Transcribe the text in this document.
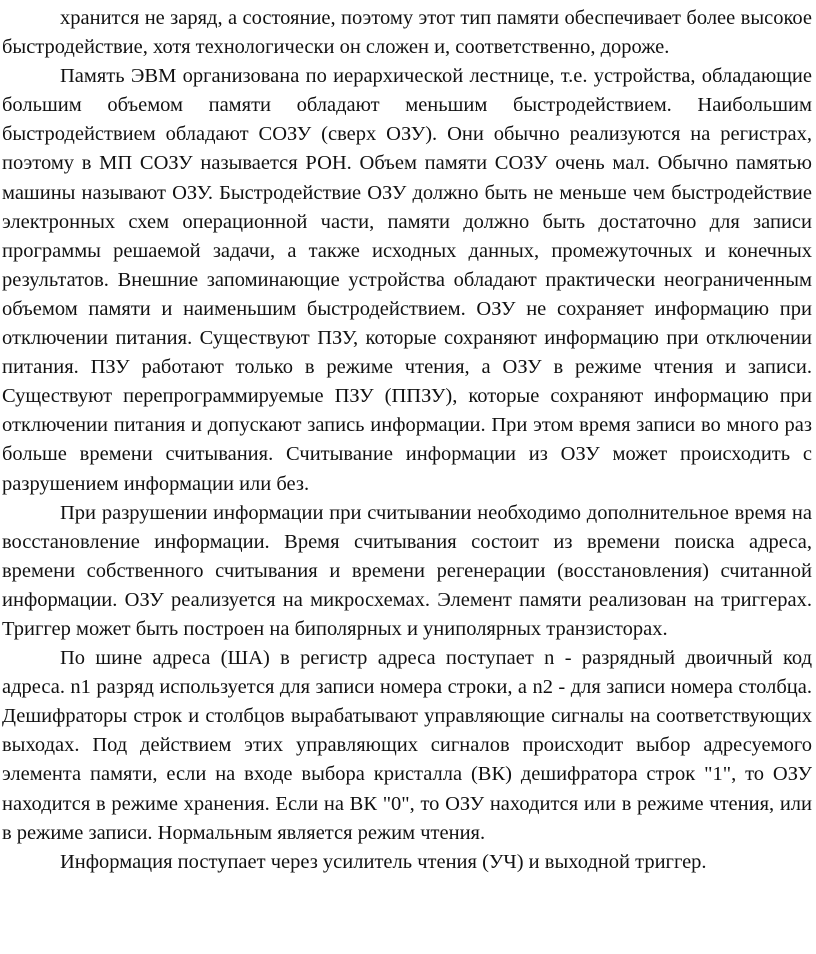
хранится не заряд, а состояние, поэтому этот тип памяти обеспечивает более высокое быстродействие, хотя технологически он сложен и, соответственно, дороже.

Память ЭВМ организована по иерархической лестнице, т.е. устройства, обладающие большим объемом памяти обладают меньшим быстродействием. Наибольшим быстродействием обладают СОЗУ (сверх ОЗУ). Они обычно реализуются на регистрах, поэтому в МП СОЗУ называется РОН. Объем памяти СОЗУ очень мал. Обычно памятью машины называют ОЗУ. Быстродействие ОЗУ должно быть не меньше чем быстродействие электронных схем операционной части, памяти должно быть достаточно для записи программы решаемой задачи, а также исходных данных, промежуточных и конечных результатов. Внешние запоминающие устройства обладают практически неограниченным объемом памяти и наименьшим быстродействием. ОЗУ не сохраняет информацию при отключении питания. Существуют ПЗУ, которые сохраняют информацию при отключении питания. ПЗУ работают только в режиме чтения, а ОЗУ в режиме чтения и записи. Существуют перепрограммируемые ПЗУ (ППЗУ), которые сохраняют информацию при отключении питания и допускают запись информации. При этом время записи во много раз больше времени считывания. Считывание информации из ОЗУ может происходить с разрушением информации или без.

При разрушении информации при считывании необходимо дополнительное время на восстановление информации. Время считывания состоит из времени поиска адреса, времени собственного считывания и времени регенерации (восстановления) считанной информации. ОЗУ реализуется на микросхемах. Элемент памяти реализован на триггерах. Триггер может быть построен на биполярных и униполярных транзисторах.

По шине адреса (ША) в регистр адреса поступает n - разрядный двоичный код адреса. n1 разряд используется для записи номера строки, а n2 - для записи номера столбца. Дешифраторы строк и столбцов вырабатывают управляющие сигналы на соответствующих выходах. Под действием этих управляющих сигналов происходит выбор адресуемого элемента памяти, если на входе выбора кристалла (ВК) дешифратора строк "1", то ОЗУ находится в режиме хранения. Если на ВК "0", то ОЗУ находится или в режиме чтения, или в режиме записи. Нормальным является режим чтения.

Информация поступает через усилитель чтения (УЧ) и выходной триггер.
